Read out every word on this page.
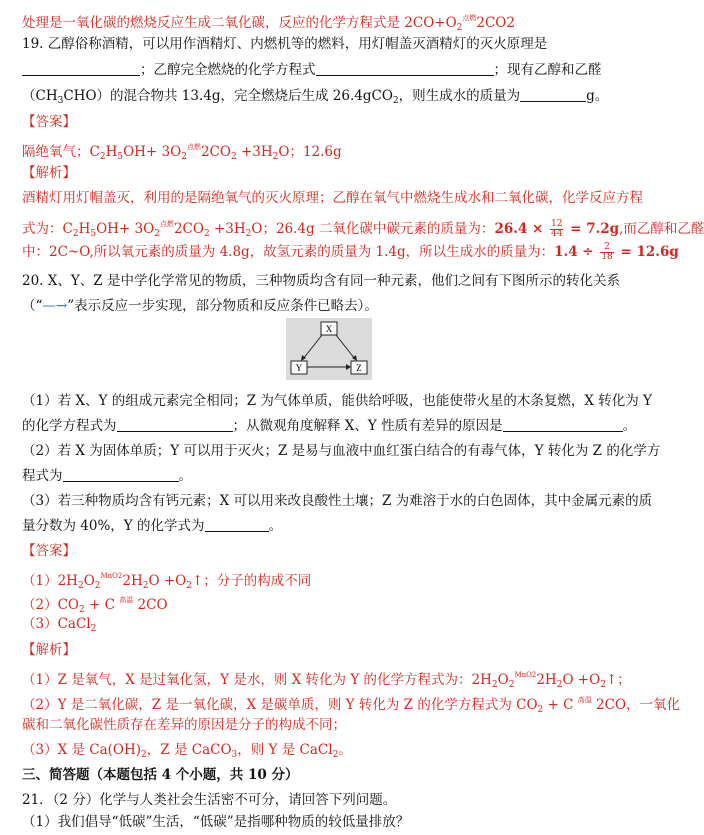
处理是一氧化碳的燃烧反应生成二氧化碳，反应的化学方程式是 $2CO+O_2^{点燃}2CO2$
19. 乙醇俗称酒精，可以用作酒精灯、内燃机等的燃料，用灯帽盖灭酒精灯的灭火原理是
；乙醇完全燃烧的化学方程式	；现有乙醇和乙醛
$(CH_3CHO)$的混合物共 13.4g，完全燃烧后生成 26.4gCO$_2$，则生成水的质量为	g。
【答案】
隔绝氧气；$C_2H_5OH+ 3O_2^{点燃}2CO_2 +3H_2O$；12.6g
【解析】
酒精灯用灯帽盖灭，利用的是隔绝氧气的灭火原理；乙醇在氧气中燃烧生成水和二氧化碳，化学反应方程
式为：$C_2H_5OH+ 3O_2^{点燃}2CO_2 +3H_2O$；26.4g 二氧化碳中碳元素的质量为：$26.4 \times \frac{12}{44} = 7.2g$,而乙醇和乙醛
中：2C~O,所以氧元素的质量为 4.8g，故氢元素的质量为 1.4g，所以生成水的质量为：$1.4 \div \frac{2}{18} = 12.6g$
20. X、Y、Z 是中学化学常见的物质，三种物质均含有同一种元素，他们之间有下图所示的转化关系
（“—→”表示反应一步实现，部分物质和反应条件已略去）。
X
Y	Z
（1）若 X、Y 的组成元素完全相同；Z 为气体单质，能供给呼吸，也能使带火星的木条复燃，X 转化为 Y
的化学方程式为	；从微观角度解释 X、Y 性质有差异的原因是	。
（2）若 X 为固体单质；Y 可以用于灭火；Z 是易与血液中血红蛋白结合的有毒气体，Y 转化为 Z 的化学方
程式为	。
（3）若三种物质均含有钙元素；X 可以用来改良酸性土壤；Z 为难溶于水的白色固体，其中金属元素的质
量分数为 40%，Y 的化学式为	。
【答案】
$(1)2H_2O_2^{MnO2}2H_2O$ $+O_2↑$；分子的构成不同
$(2)CO_2 + C$ $^{高温}$ 2CO
（3）CaCl$_2$
【解析】
（1）Z 是氧气，X 是过氧化氢，Y 是水，则 X 转化为 Y 的化学方程式为：$2H_2O_2^{MnO2}2H_2O$ $+O_2↑$；
（2）Y 是二氧化碳，Z 是一氧化碳，X 是碳单质，则 Y 转化为 Z 的化学方程式为 $CO_2 + C$ $^{高温}$ 2CO，一氧化
碳和二氧化碳性质存在差异的原因是分子的构成不同；
（3）X 是 $Ca(OH)_2$，Z 是 CaCO$_3$，则 Y 是 CaCl$_2$。
三、简答题（本题包括 4 个小题，共 10 分）
21．（2 分）化学与人类社会生活密不可分，请回答下列问题。
（1）我们倡导“低碳”生活，“低碳”是指哪种物质的较低量排放？
